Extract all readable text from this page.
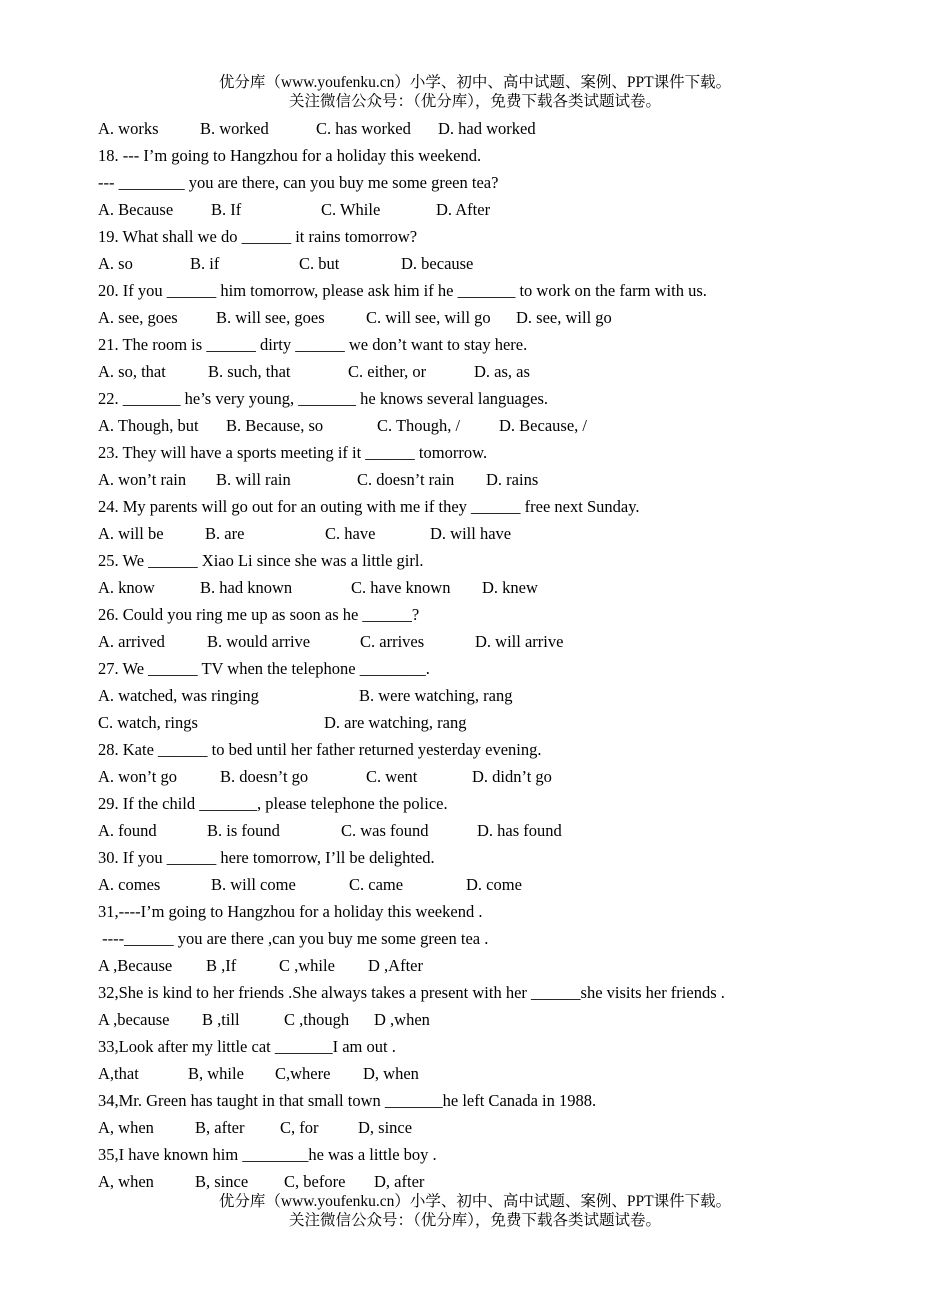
优分库（www.youfenku.cn）小学、初中、高中试题、案例、PPT课件下载。
关注微信公众号：（优分库），免费下载各类试题试卷。

A. works

	B. worked

	C. has worked

D. had worked

18. --- I’m going to Hangzhou for a holiday this weekend.
--- ________ you are there, can you buy me some green tea?

A. Because

B. If

	C. While

	D. After

19. What shall we do ______ it rains tomorrow?

A. so

	B. if

	C. but

	D. because

20. If you ______ him tomorrow, please ask him if he _______ to work on the farm with us.

A. see, goes

B. will see, goes

	C. will see, will go

D. see, will go

21. The room is ______ dirty ______ we don’t want to stay here.

A. so, that

	B. such, that

	C. either, or

	D. as, as

22. _______ he’s very young, _______ he knows several languages.

A. Though, but

B. Because, so

	C. Though, /

D. Because, /

23. They will have a sports meeting if it ______ tomorrow.

A. won’t rain

B. will rain

	C. doesn’t rain

D. rains

24. My parents will go out for an outing with me if they ______ free next Sunday.

A. will be

	B. are

	C. have

	D. will have

25. We ______ Xiao Li since she was a little girl.

A. know

	B. had known

	C. have known

D. knew

26. Could you ring me up as soon as he ______?

A. arrived

	B. would arrive

	C. arrives

	D. will arrive

27. We ______ TV when the telephone ________.

A. watched, was ringing

	B. were watching, rang

C. watch, rings

	D. are watching, rang

28. Kate ______ to bed until her father returned yesterday evening.

A. won’t go

	B. doesn’t go

	C. went

	D. didn’t go

29. If the child _______, please telephone the police.

A. found

	B. is found

	C. was found

	D. has found

30. If you ______ here tomorrow, I’ll be delighted.

A. comes

	B. will come

	C. came

	D. come

31,----I’m going to Hangzhou for a holiday this weekend .
----______ you are there ,can you buy me some green tea .

A ,Because

B ,If

	C ,while

D ,After

32,She is kind to her friends .She always takes a present with her ______she visits her friends .

A ,because

B ,till

	C ,though

D ,when

33,Look after my little cat _______I am out .

A,that

	B, while

C,where

D, when

34,Mr. Green has taught in that small town _______he left Canada in 1988.

A, when

B, after

C, for

D, since

35,I have known him ________he was a little boy .

A, when

B, since

C, before

D, after

优分库（www.youfenku.cn）小学、初中、高中试题、案例、PPT课件下载。
关注微信公众号：（优分库），免费下载各类试题试卷。
